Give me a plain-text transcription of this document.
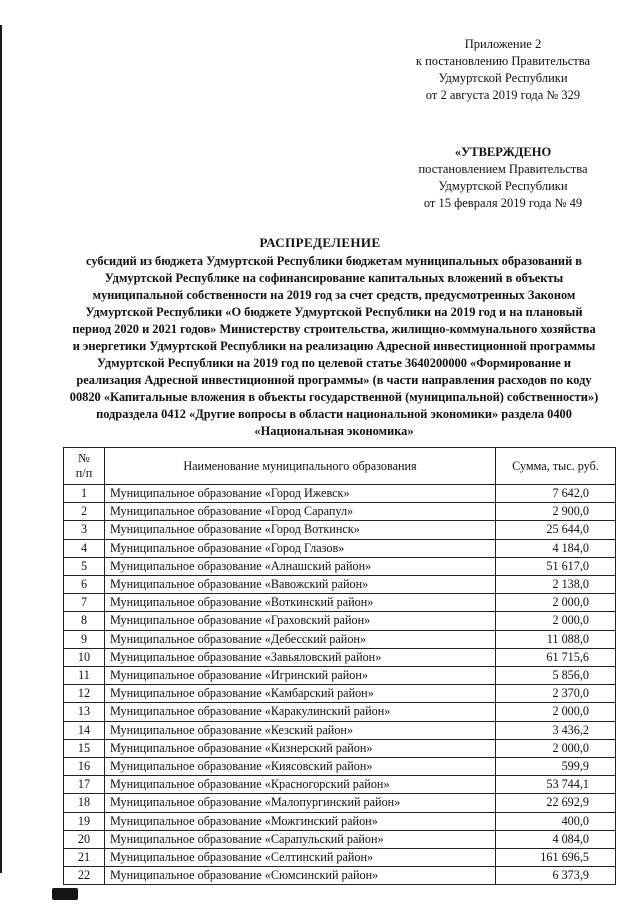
Приложение 2
к постановлению Правительства
Удмуртской Республики
от 2 августа 2019 года № 329
«УТВЕРЖДЕНО
постановлением Правительства
Удмуртской Республики
от 15 февраля 2019 года № 49
РАСПРЕДЕЛЕНИЕ
субсидий из бюджета Удмуртской Республики бюджетам муниципальных образований в Удмуртской Республике на софинансирование капитальных вложений в объекты муниципальной собственности на 2019 год за счет средств, предусмотренных Законом Удмуртской Республики «О бюджете Удмуртской Республики на 2019 год и на плановый период 2020 и 2021 годов» Министерству строительства, жилищно-коммунального хозяйства и энергетики Удмуртской Республики на реализацию Адресной инвестиционной программы Удмуртской Республики на 2019 год по целевой статье 3640200000 «Формирование и реализация Адресной инвестиционной программы» (в части направления расходов по коду 00820 «Капитальные вложения в объекты государственной (муниципальной) собственности») подраздела 0412 «Другие вопросы в области национальной экономики» раздела 0400 «Национальная экономика»
№
п/п	Наименование муниципального образования	Сумма, тыс. руб.
1	Муниципальное образование «Город Ижевск»	7 642,0
2	Муниципальное образование «Город Сарапул»	2 900,0
3	Муниципальное образование «Город Воткинск»	25 644,0
4	Муниципальное образование «Город Глазов»	4 184,0
5	Муниципальное образование «Алнашский район»	51 617,0
6	Муниципальное образование «Вавожский район»	2 138,0
7	Муниципальное образование «Воткинский район»	2 000,0
8	Муниципальное образование «Граховский район»	2 000,0
9	Муниципальное образование «Дебесский район»	11 088,0
10	Муниципальное образование «Завьяловский район»	61 715,6
11	Муниципальное образование «Игринский район»	5 856,0
12	Муниципальное образование «Камбарский район»	2 370,0
13	Муниципальное образование «Каракулинский район»	2 000,0
14	Муниципальное образование «Кезский район»	3 436,2
15	Муниципальное образование «Кизнерский район»	2 000,0
16	Муниципальное образование «Киясовский район»	599,9
17	Муниципальное образование «Красногорский район»	53 744,1
18	Муниципальное образование «Малопургинский район»	22 692,9
19	Муниципальное образование «Можгинский район»	400,0
20	Муниципальное образование «Сарапульский район»	4 084,0
21	Муниципальное образование «Селтинский район»	161 696,5
22	Муниципальное образование «Сюмсинский район»	6 373,9
